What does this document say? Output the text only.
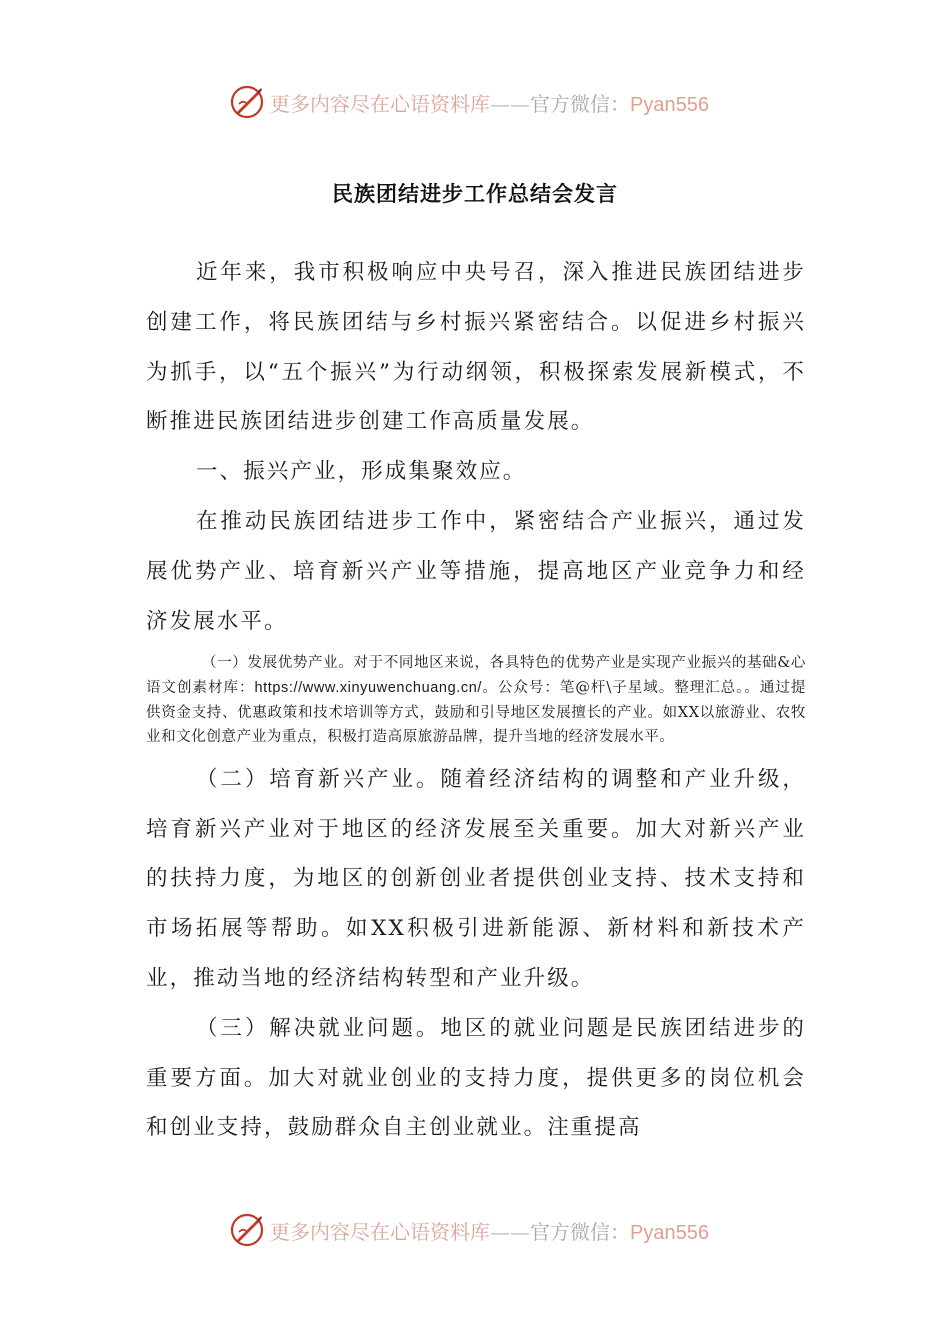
更多内容尽在心语资料库——官方微信：Pyan556
民族团结进步工作总结会发言

近年来，我市积极响应中央号召，深入推进民族团结进步创建工作，将民族团结与乡村振兴紧密结合。以促进乡村振兴为抓手，以“五个振兴”为行动纲领，积极探索发展新模式，不断推进民族团结进步创建工作高质量发展。

一、振兴产业，形成集聚效应。

在推动民族团结进步工作中，紧密结合产业振兴，通过发展优势产业、培育新兴产业等措施，提高地区产业竞争力和经济发展水平。

（一）发展优势产业。对于不同地区来说，各具特色的优势产业是实现产业振兴的基础&心语文创素材库：https://www.xinyuwenchuang.cn/。公众号：笔@杆\子星域。整理汇总。。通过提供资金支持、优惠政策和技术培训等方式，鼓励和引导地区发展擅长的产业。如XX以旅游业、农牧业和文化创意产业为重点，积极打造高原旅游品牌，提升当地的经济发展水平。

（二）培育新兴产业。随着经济结构的调整和产业升级，培育新兴产业对于地区的经济发展至关重要。加大对新兴产业的扶持力度，为地区的创新创业者提供创业支持、技术支持和市场拓展等帮助。如XX积极引进新能源、新材料和新技术产业，推动当地的经济结构转型和产业升级。

（三）解决就业问题。地区的就业问题是民族团结进步的重要方面。加大对就业创业的支持力度，提供更多的岗位机会和创业支持，鼓励群众自主创业就业。注重提高

更多内容尽在心语资料库——官方微信：Pyan556
